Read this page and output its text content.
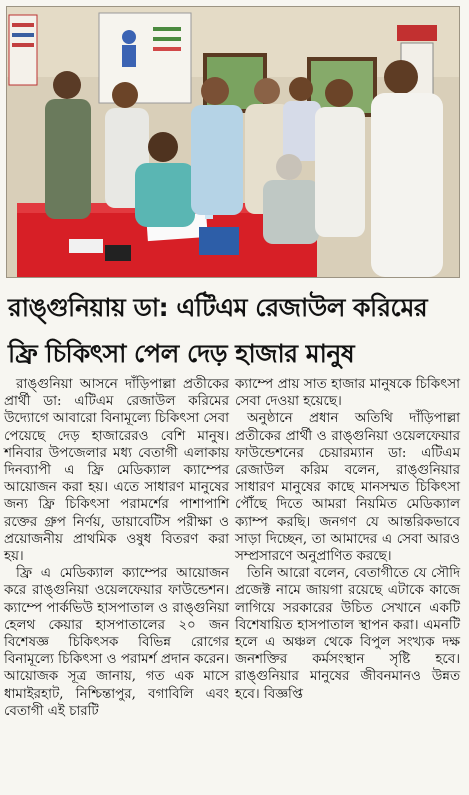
রাঙ্গুনিয়ায় ডা: এটিএম রেজাউল করিমের
ফ্রি চিকিৎসা পেল দেড় হাজার মানুষ

রাঙ্গুনিয়া আসনে দাঁড়িপাল্লা প্রতীকের প্রার্থী ডা: এটিএম রেজাউল করিমের উদ্যোগে আবারো বিনামূল্যে চিকিৎসা সেবা পেয়েছে দেড় হাজারেরও বেশি মানুষ। শনিবার উপজেলার মধ্য বেতাগী এলাকায় দিনব্যাপী এ ফ্রি মেডিক্যাল ক্যাম্পের আয়োজন করা হয়। এতে সাধারণ মানুষের জন্য ফ্রি চিকিৎসা পরামর্শের পাশাপাশি রক্তের গ্রুপ নির্ণয়, ডায়াবেটিস পরীক্ষা ও প্রয়োজনীয় প্রাথমিক ওষুধ বিতরণ করা হয়।

ফ্রি এ মেডিক্যাল ক্যাম্পের আয়োজন করে রাঙ্গুনিয়া ওয়েলফেয়ার ফাউন্ডেশন। ক্যাম্পে পার্কভিউ হাসপাতাল ও রাঙ্গুনিয়া হেলথ কেয়ার হাসপাতালের ২০ জন বিশেষজ্ঞ চিকিৎসক বিভিন্ন রোগের বিনামূল্যে চিকিৎসা ও পরামর্শ প্রদান করেন। আয়োজক সূত্র জানায়, গত এক মাসে ধামাইরহাট, নিশ্চিন্তাপুর, বগাবিলি এবং বেতাগী এই চারটি

ক্যাম্পে প্রায় সাত হাজার মানুষকে চিকিৎসা সেবা দেওয়া হয়েছে।

অনুষ্ঠানে প্রধান অতিথি দাঁড়িপাল্লা প্রতীকের প্রার্থী ও রাঙ্গুনিয়া ওয়েলফেয়ার ফাউন্ডেশনের চেয়ারম্যান ডা: এটিএম রেজাউল করিম বলেন, রাঙ্গুনিয়ার সাধারণ মানুষের কাছে মানসম্মত চিকিৎসা পৌঁছে দিতে আমরা নিয়মিত মেডিক্যাল ক্যাম্প করছি। জনগণ যে আন্তরিকভাবে সাড়া দিচ্ছেন, তা আমাদের এ সেবা আরও সম্প্রসারণে অনুপ্রাণিত করছে।

তিনি আরো বলেন, বেতাগীতে যে সৌদি প্রজেক্ট নামে জায়গা রয়েছে এটাকে কাজে লাগিয়ে সরকারের উচিত সেখানে একটি বিশেষায়িত হাসপাতাল স্থাপন করা। এমনটি হলে এ অঞ্চল থেকে বিপুল সংখ্যক দক্ষ জনশক্তির কর্মসংস্থান সৃষ্টি হবে। রাঙ্গুনিয়ার মানুষের জীবনমানও উন্নত হবে। বিজ্ঞপ্তি
